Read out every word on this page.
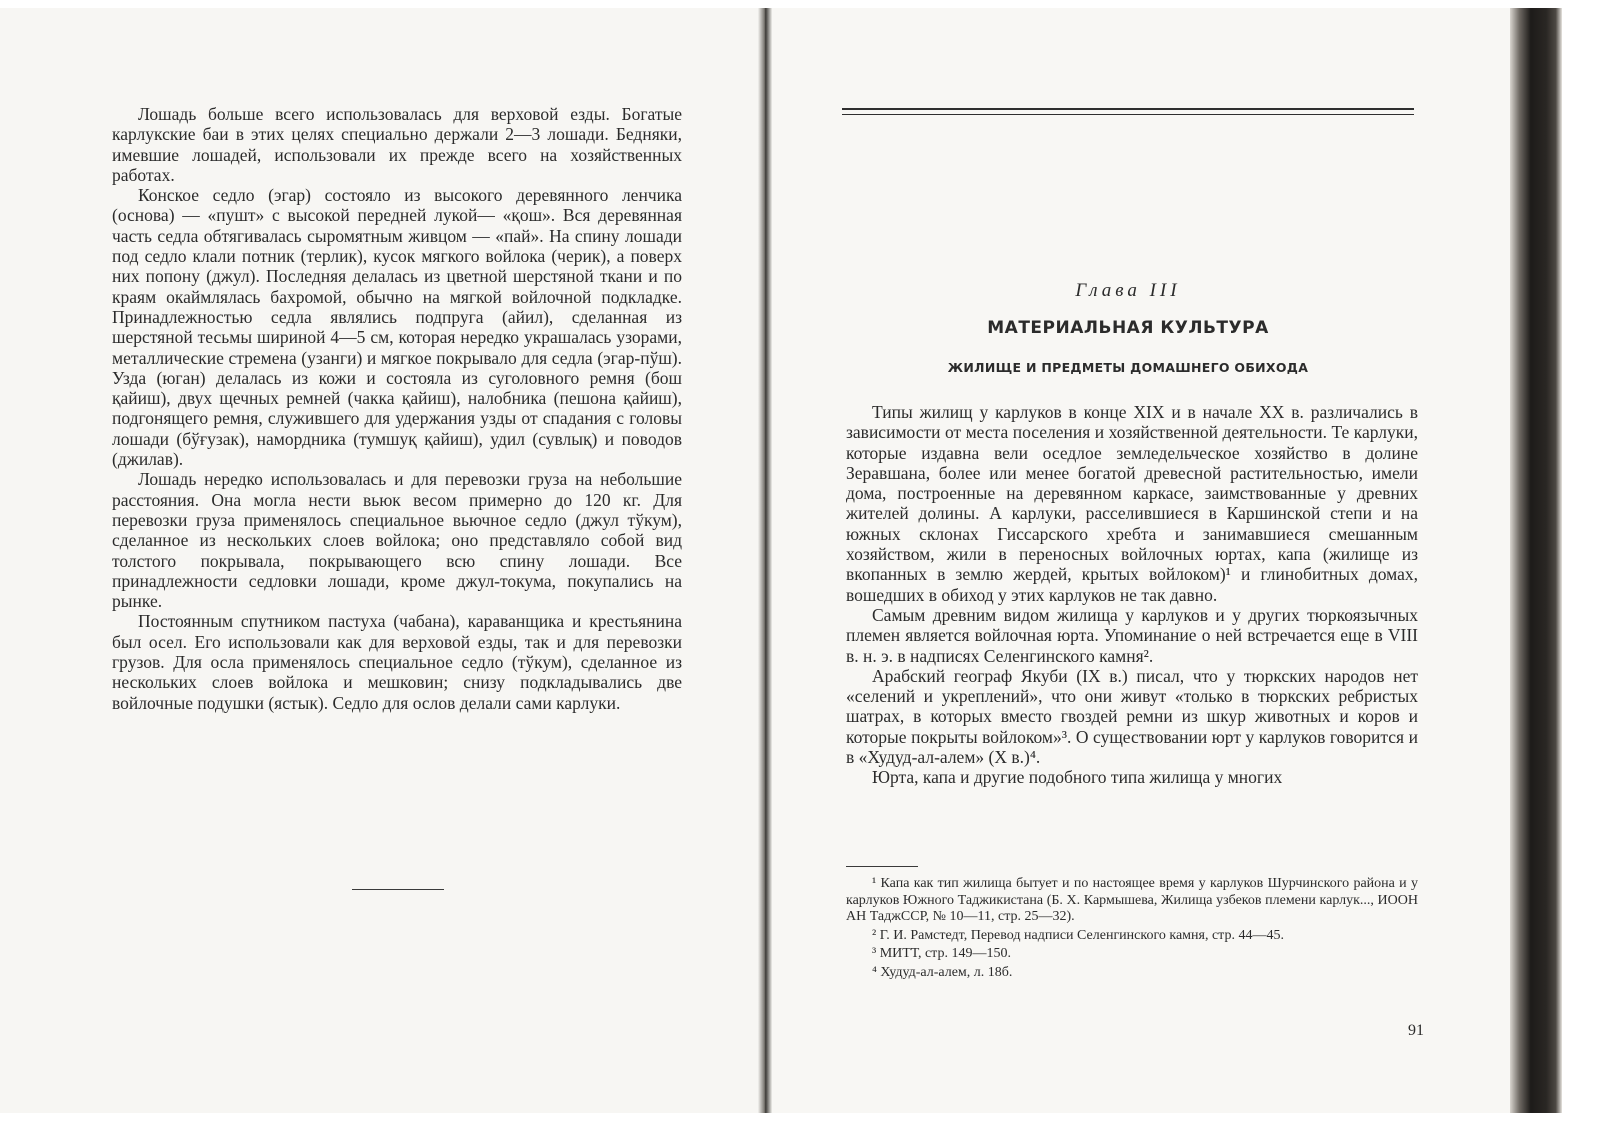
Лошадь больше всего использовалась для верховой езды. Богатые карлукские баи в этих целях специально держали 2—3 лошади. Бедняки, имевшие лошадей, использовали их прежде всего на хозяйственных работах.

Конское седло (эгар) состояло из высокого деревянного ленчика (основа) — «пушт» с высокой передней лукой— «қош». Вся деревянная часть седла обтягивалась сыромятным живцом — «пай». На спину лошади под седло клали потник (терлик), кусок мягкого войлока (черик), а поверх них попону (джул). Последняя делалась из цветной шерстяной ткани и по краям окаймлялась бахромой, обычно на мягкой войлочной подкладке. Принадлежностью седла являлись подпруга (айил), сделанная из шерстяной тесьмы шириной 4—5 см, которая нередко украшалась узорами, металлические стремена (узанги) и мягкое покрывало для седла (эгар-пўш). Узда (юган) делалась из кожи и состояла из суголовного ремня (бош қайиш), двух щечных ремней (чакка қайиш), налобника (пешона қайиш), подгонящего ремня, служившего для удержания узды от спадания с головы лошади (бўғузак), намордника (тумшуқ қайиш), удил (сувлық) и поводов (джилав).

Лошадь нередко использовалась и для перевозки груза на небольшие расстояния. Она могла нести вьюк весом примерно до 120 кг. Для перевозки груза применялось специальное вьючное седло (джул тўкум), сделанное из нескольких слоев войлока; оно представляло собой вид толстого покрывала, покрывающего всю спину лошади. Все принадлежности седловки лошади, кроме джул-токума, покупались на рынке.

Постоянным спутником пастуха (чабана), караванщика и крестьянина был осел. Его использовали как для верховой езды, так и для перевозки грузов. Для осла применялось специальное седло (тўкум), сделанное из нескольких слоев войлока и мешковин; снизу подкладывались две войлочные подушки (ястык). Седло для ослов делали сами карлуки.

Глава III
МАТЕРИАЛЬНАЯ КУЛЬТУРА
ЖИЛИЩЕ И ПРЕДМЕТЫ ДОМАШНЕГО ОБИХОДА

Типы жилищ у карлуков в конце XIX и в начале XX в. различались в зависимости от места поселения и хозяйственной деятельности. Те карлуки, которые издавна вели оседлое земледельческое хозяйство в долине Зеравшана, более или менее богатой древесной растительностью, имели дома, построенные на деревянном каркасе, заимствованные у древних жителей долины. А карлуки, расселившиеся в Каршинской степи и на южных склонах Гиссарского хребта и занимавшиеся смешанным хозяйством, жили в переносных войлочных юртах, капа (жилище из вкопанных в землю жердей, крытых войлоком)¹ и глинобитных домах, вошедших в обиход у этих карлуков не так давно.

Самым древним видом жилища у карлуков и у других тюркоязычных племен является войлочная юрта. Упоминание о ней встречается еще в VIII в. н. э. в надписях Селенгинского камня².

Арабский географ Якуби (IX в.) писал, что у тюркских народов нет «селений и укреплений», что они живут «только в тюркских ребристых шатрах, в которых вместо гвоздей ремни из шкур животных и коров и которые покрыты войлоком»³. О существовании юрт у карлуков говорится и в «Худуд-ал-алем» (X в.)⁴.

Юрта, капа и другие подобного типа жилища у многих

¹ Капа как тип жилища бытует и по настоящее время у карлуков Шурчинского района и у карлуков Южного Таджикистана (Б. Х. Кармышева, Жилища узбеков племени карлук..., ИООН АН ТаджССР, № 10—11, стр. 25—32).

² Г. И. Рамстедт, Перевод надписи Селенгинского камня, стр. 44—45.

³ МИТТ, стр. 149—150.

⁴ Худуд-ал-алем, л. 18б.

91
